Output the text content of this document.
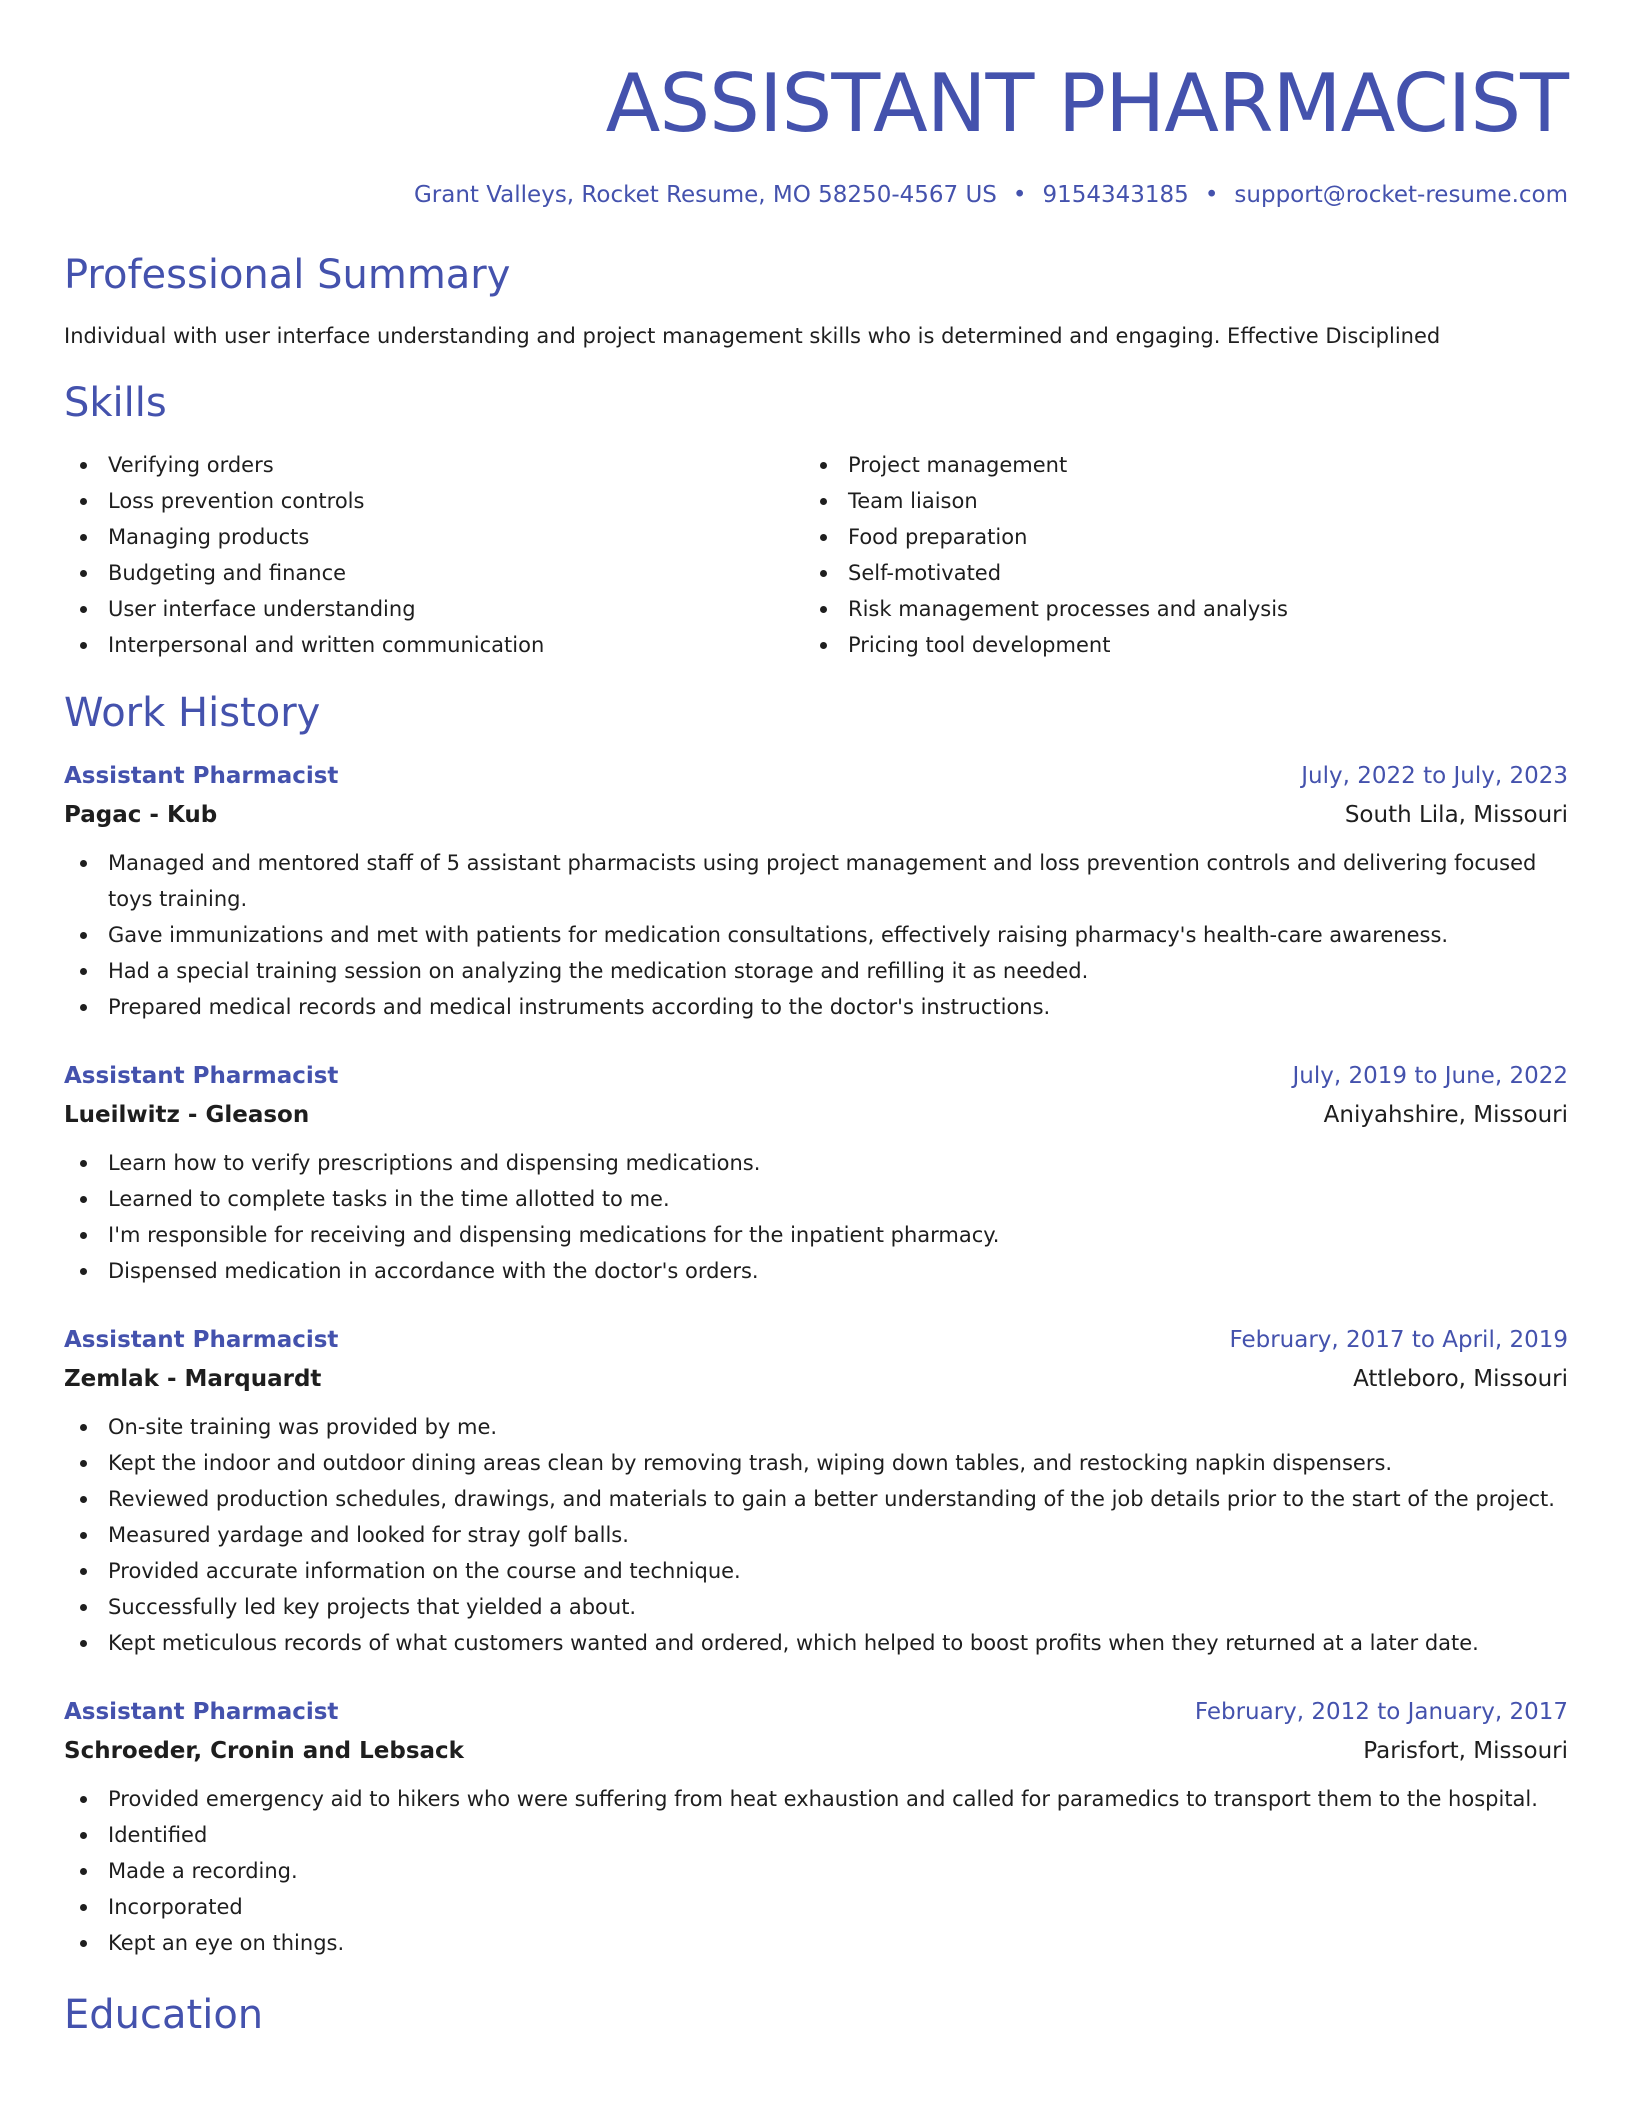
ASSISTANT PHARMACIST
Grant Valleys, Rocket Resume, MO 58250-4567 US • 9154343185 • support@rocket-resume.com
Professional Summary
Individual with user interface understanding and project management skills who is determined and engaging. Effective Disciplined
Skills
Verifying orders
Loss prevention controls
Managing products
Budgeting and finance
User interface understanding
Interpersonal and written communication
Project management
Team liaison
Food preparation
Self-motivated
Risk management processes and analysis
Pricing tool development
Work History
Assistant Pharmacist	July, 2022 to July, 2023
Pagac - Kub	South Lila, Missouri
Managed and mentored staff of 5 assistant pharmacists using project management and loss prevention controls and delivering focused toys training.
Gave immunizations and met with patients for medication consultations, effectively raising pharmacy's health-care awareness.
Had a special training session on analyzing the medication storage and refilling it as needed.
Prepared medical records and medical instruments according to the doctor's instructions.
Assistant Pharmacist	July, 2019 to June, 2022
Lueilwitz - Gleason	Aniyahshire, Missouri
Learn how to verify prescriptions and dispensing medications.
Learned to complete tasks in the time allotted to me.
I'm responsible for receiving and dispensing medications for the inpatient pharmacy.
Dispensed medication in accordance with the doctor's orders.
Assistant Pharmacist	February, 2017 to April, 2019
Zemlak - Marquardt	Attleboro, Missouri
On-site training was provided by me.
Kept the indoor and outdoor dining areas clean by removing trash, wiping down tables, and restocking napkin dispensers.
Reviewed production schedules, drawings, and materials to gain a better understanding of the job details prior to the start of the project.
Measured yardage and looked for stray golf balls.
Provided accurate information on the course and technique.
Successfully led key projects that yielded a about.
Kept meticulous records of what customers wanted and ordered, which helped to boost profits when they returned at a later date.
Assistant Pharmacist	February, 2012 to January, 2017
Schroeder, Cronin and Lebsack	Parisfort, Missouri
Provided emergency aid to hikers who were suffering from heat exhaustion and called for paramedics to transport them to the hospital.
Identified
Made a recording.
Incorporated
Kept an eye on things.
Education
